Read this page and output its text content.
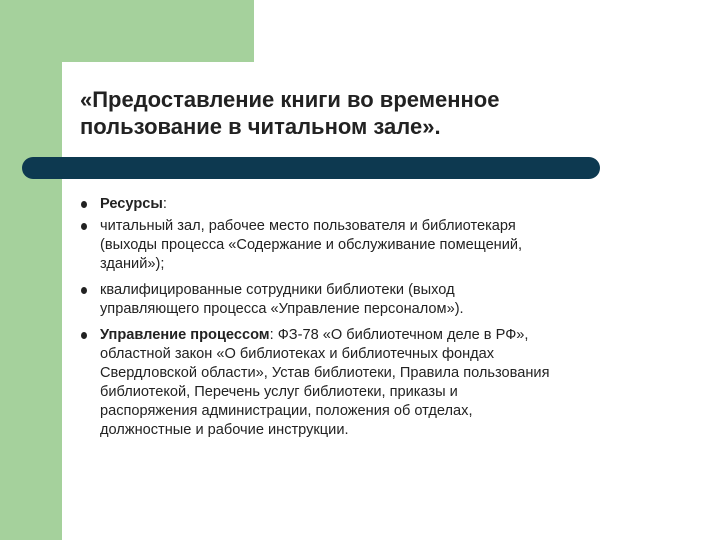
«Предоставление книги во временное
пользование в читальном зале».
Ресурсы:
читальный зал, рабочее место пользователя и библиотекаря
(выходы процесса «Содержание и обслуживание помещений,
зданий»);
квалифицированные сотрудники библиотеки (выход
управляющего процесса «Управление персоналом»).
Управление процессом: ФЗ-78 «О библиотечном деле в РФ»,
областной закон «О библиотеках и библиотечных фондах
Свердловской области», Устав библиотеки, Правила пользования
библиотекой, Перечень услуг библиотеки, приказы и
распоряжения администрации, положения об отделах,
должностные и рабочие инструкции.
